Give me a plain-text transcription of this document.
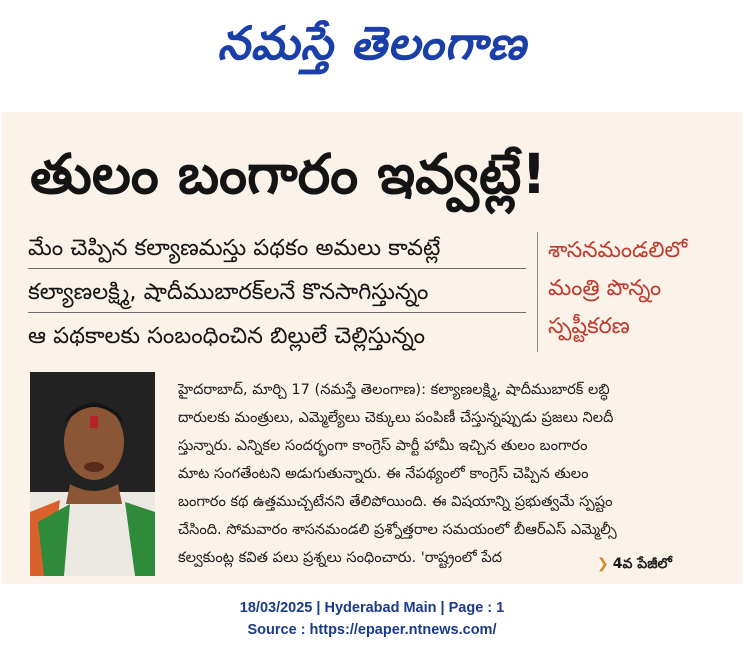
నమస్తే తెలంగాణ
తులం బంగారం ఇవ్వట్లే!
మేం చెప్పిన కల్యాణమస్తు పథకం అమలు కావట్లే
కల్యాణలక్ష్మి, షాదీముబారక్‌లనే కొనసాగిస్తున్నం
ఆ పథకాలకు సంబంధించిన బిల్లులే చెల్లిస్తున్నం
శాసనమండలిలో
మంత్రి పొన్నం
స్పష్టీకరణ
హైదరాబాద్, మార్చి 17 (నమస్తే తెలంగాణ): కల్యాణలక్ష్మి, షాదీముబారక్ లబ్ధి
దారులకు మంత్రులు, ఎమ్మెల్యేలు చెక్కులు పంపిణీ చేస్తున్నప్పుడు ప్రజలు నిలదీ
స్తున్నారు. ఎన్నికల సందర్భంగా కాంగ్రెస్ పార్టీ హామీ ఇచ్చిన తులం బంగారం
మాట సంగతేంటని అడుగుతున్నారు. ఈ నేపథ్యంలో కాంగ్రెస్ చెప్పిన తులం
బంగారం కథ ఉత్తముచ్చటేనని తేలిపోయింది. ఈ విషయాన్ని ప్రభుత్వమే స్పష్టం
చేసింది. సోమవారం శాసనమండలి ప్రశ్నోత్తరాల సమయంలో బీఆర్‌ఎస్ ఎమ్మెల్సీ
కల్వకుంట్ల కవిత పలు ప్రశ్నలు సంధించారు. 'రాష్ట్రంలో పేద	❯ 4వ పేజీలో
18/03/2025 | Hyderabad Main | Page : 1
Source : https://epaper.ntnews.com/
